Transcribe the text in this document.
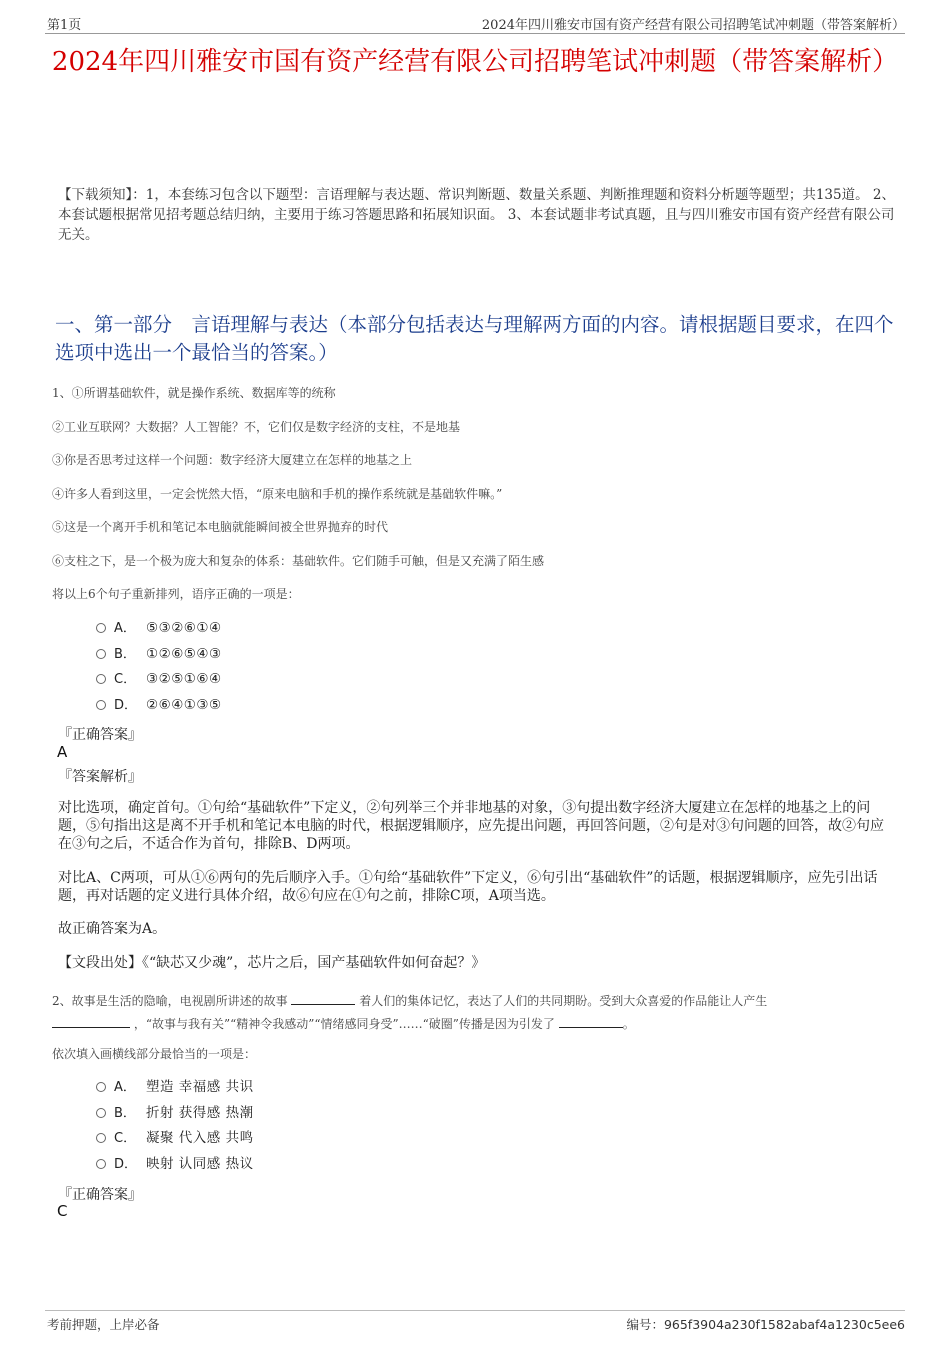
第1页	2024年四川雅安市国有资产经营有限公司招聘笔试冲刺题（带答案解析）
2024年四川雅安市国有资产经营有限公司招聘笔试冲刺题（带答案解析）
【下载须知】：1，本套练习包含以下题型：言语理解与表达题、常识判断题、数量关系题、判断推理题和资料分析题等题型；共135道。 2、本套试题根据常见招考题总结归纳，主要用于练习答题思路和拓展知识面。 3、本套试题非考试真题，且与四川雅安市国有资产经营有限公司无关。
一、第一部分　言语理解与表达（本部分包括表达与理解两方面的内容。请根据题目要求，在四个选项中选出一个最恰当的答案。）
1、①所谓基础软件，就是操作系统、数据库等的统称
②工业互联网？大数据？人工智能？不，它们仅是数字经济的支柱，不是地基
③你是否思考过这样一个问题：数字经济大厦建立在怎样的地基之上
④许多人看到这里，一定会恍然大悟，“原来电脑和手机的操作系统就是基础软件嘛。”
⑤这是一个离开手机和笔记本电脑就能瞬间被全世界抛弃的时代
⑥支柱之下，是一个极为庞大和复杂的体系：基础软件。它们随手可触，但是又充满了陌生感
将以上6个句子重新排列，语序正确的一项是：
A． ⑤③②⑥①④
B． ①②⑥⑤④③
C． ③②⑤①⑥④
D． ②⑥④①③⑤
『正确答案』
A
『答案解析』
对比选项，确定首句。①句给“基础软件”下定义，②句列举三个并非地基的对象，③句提出数字经济大厦建立在怎样的地基之上的问题，⑤句指出这是离不开手机和笔记本电脑的时代，根据逻辑顺序，应先提出问题，再回答问题，②句是对③句问题的回答，故②句应在③句之后，不适合作为首句，排除B、D两项。
对比A、C两项，可从①⑥两句的先后顺序入手。①句给“基础软件”下定义，⑥句引出“基础软件”的话题，根据逻辑顺序，应先引出话题，再对话题的定义进行具体介绍，故⑥句应在①句之前，排除C项，A项当选。
故正确答案为A。
【文段出处】《“缺芯又少魂”，芯片之后，国产基础软件如何奋起？》
2、故事是生活的隐喻，电视剧所讲述的故事	着人们的集体记忆，表达了人们的共同期盼。受到大众喜爱的作品能让人产生
，“故事与我有关”“精神令我感动”“情绪感同身受”……“破圈”传播是因为引发了	。
依次填入画横线部分最恰当的一项是：
A． 塑造 幸福感 共识
B． 折射 获得感 热潮
C． 凝聚 代入感 共鸣
D． 映射 认同感 热议
『正确答案』
C
考前押题，上岸必备	编号：965f3904a230f1582abaf4a1230c5ee6
